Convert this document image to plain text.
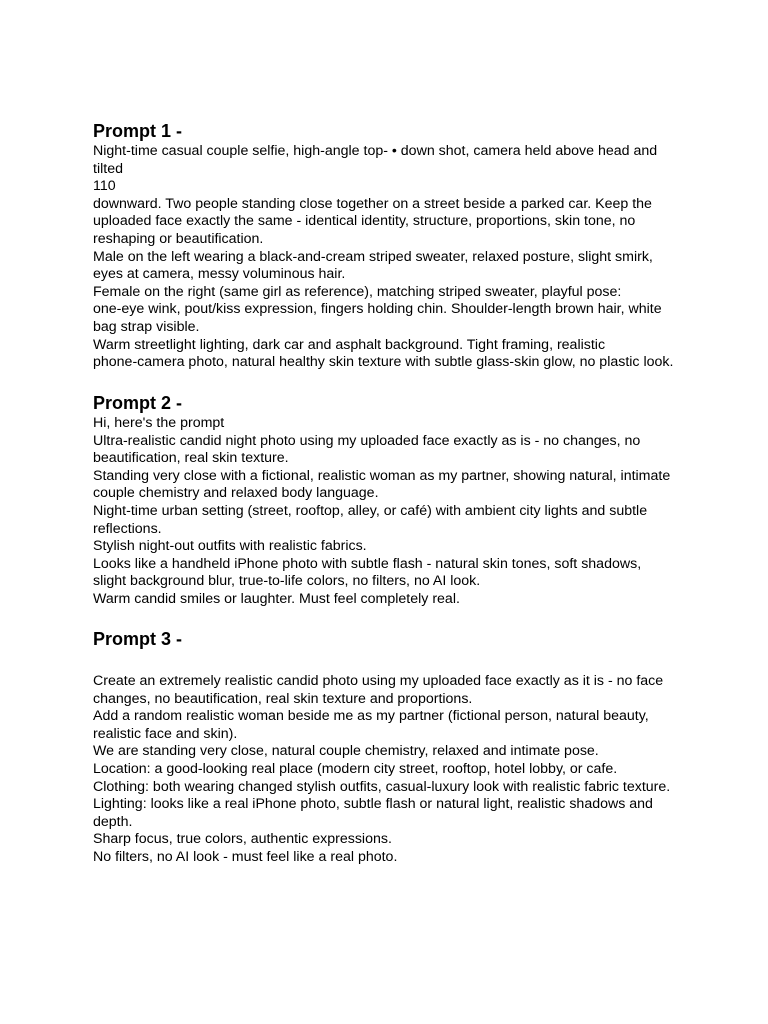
Prompt 1 -
Night-time casual couple selfie, high-angle top- • down shot, camera held above head and
tilted
110
downward. Two people standing close together on a street beside a parked car. Keep the
uploaded face exactly the same - identical identity, structure, proportions, skin tone, no
reshaping or beautification.
Male on the left wearing a black-and-cream striped sweater, relaxed posture, slight smirk,
eyes at camera, messy voluminous hair.
Female on the right (same girl as reference), matching striped sweater, playful pose:
one-eye wink, pout/kiss expression, fingers holding chin. Shoulder-length brown hair, white
bag strap visible.
Warm streetlight lighting, dark car and asphalt background. Tight framing, realistic
phone-camera photo, natural healthy skin texture with subtle glass-skin glow, no plastic look.
Prompt 2 -
Hi, here's the prompt
Ultra-realistic candid night photo using my uploaded face exactly as is - no changes, no
beautification, real skin texture.
Standing very close with a fictional, realistic woman as my partner, showing natural, intimate
couple chemistry and relaxed body language.
Night-time urban setting (street, rooftop, alley, or café) with ambient city lights and subtle
reflections.
Stylish night-out outfits with realistic fabrics.
Looks like a handheld iPhone photo with subtle flash - natural skin tones, soft shadows,
slight background blur, true-to-life colors, no filters, no AI look.
Warm candid smiles or laughter. Must feel completely real.
Prompt 3 -
Create an extremely realistic candid photo using my uploaded face exactly as it is - no face
changes, no beautification, real skin texture and proportions.
Add a random realistic woman beside me as my partner (fictional person, natural beauty,
realistic face and skin).
We are standing very close, natural couple chemistry, relaxed and intimate pose.
Location: a good-looking real place (modern city street, rooftop, hotel lobby, or cafe.
Clothing: both wearing changed stylish outfits, casual-luxury look with realistic fabric texture.
Lighting: looks like a real iPhone photo, subtle flash or natural light, realistic shadows and
depth.
Sharp focus, true colors, authentic expressions.
No filters, no AI look - must feel like a real photo.
